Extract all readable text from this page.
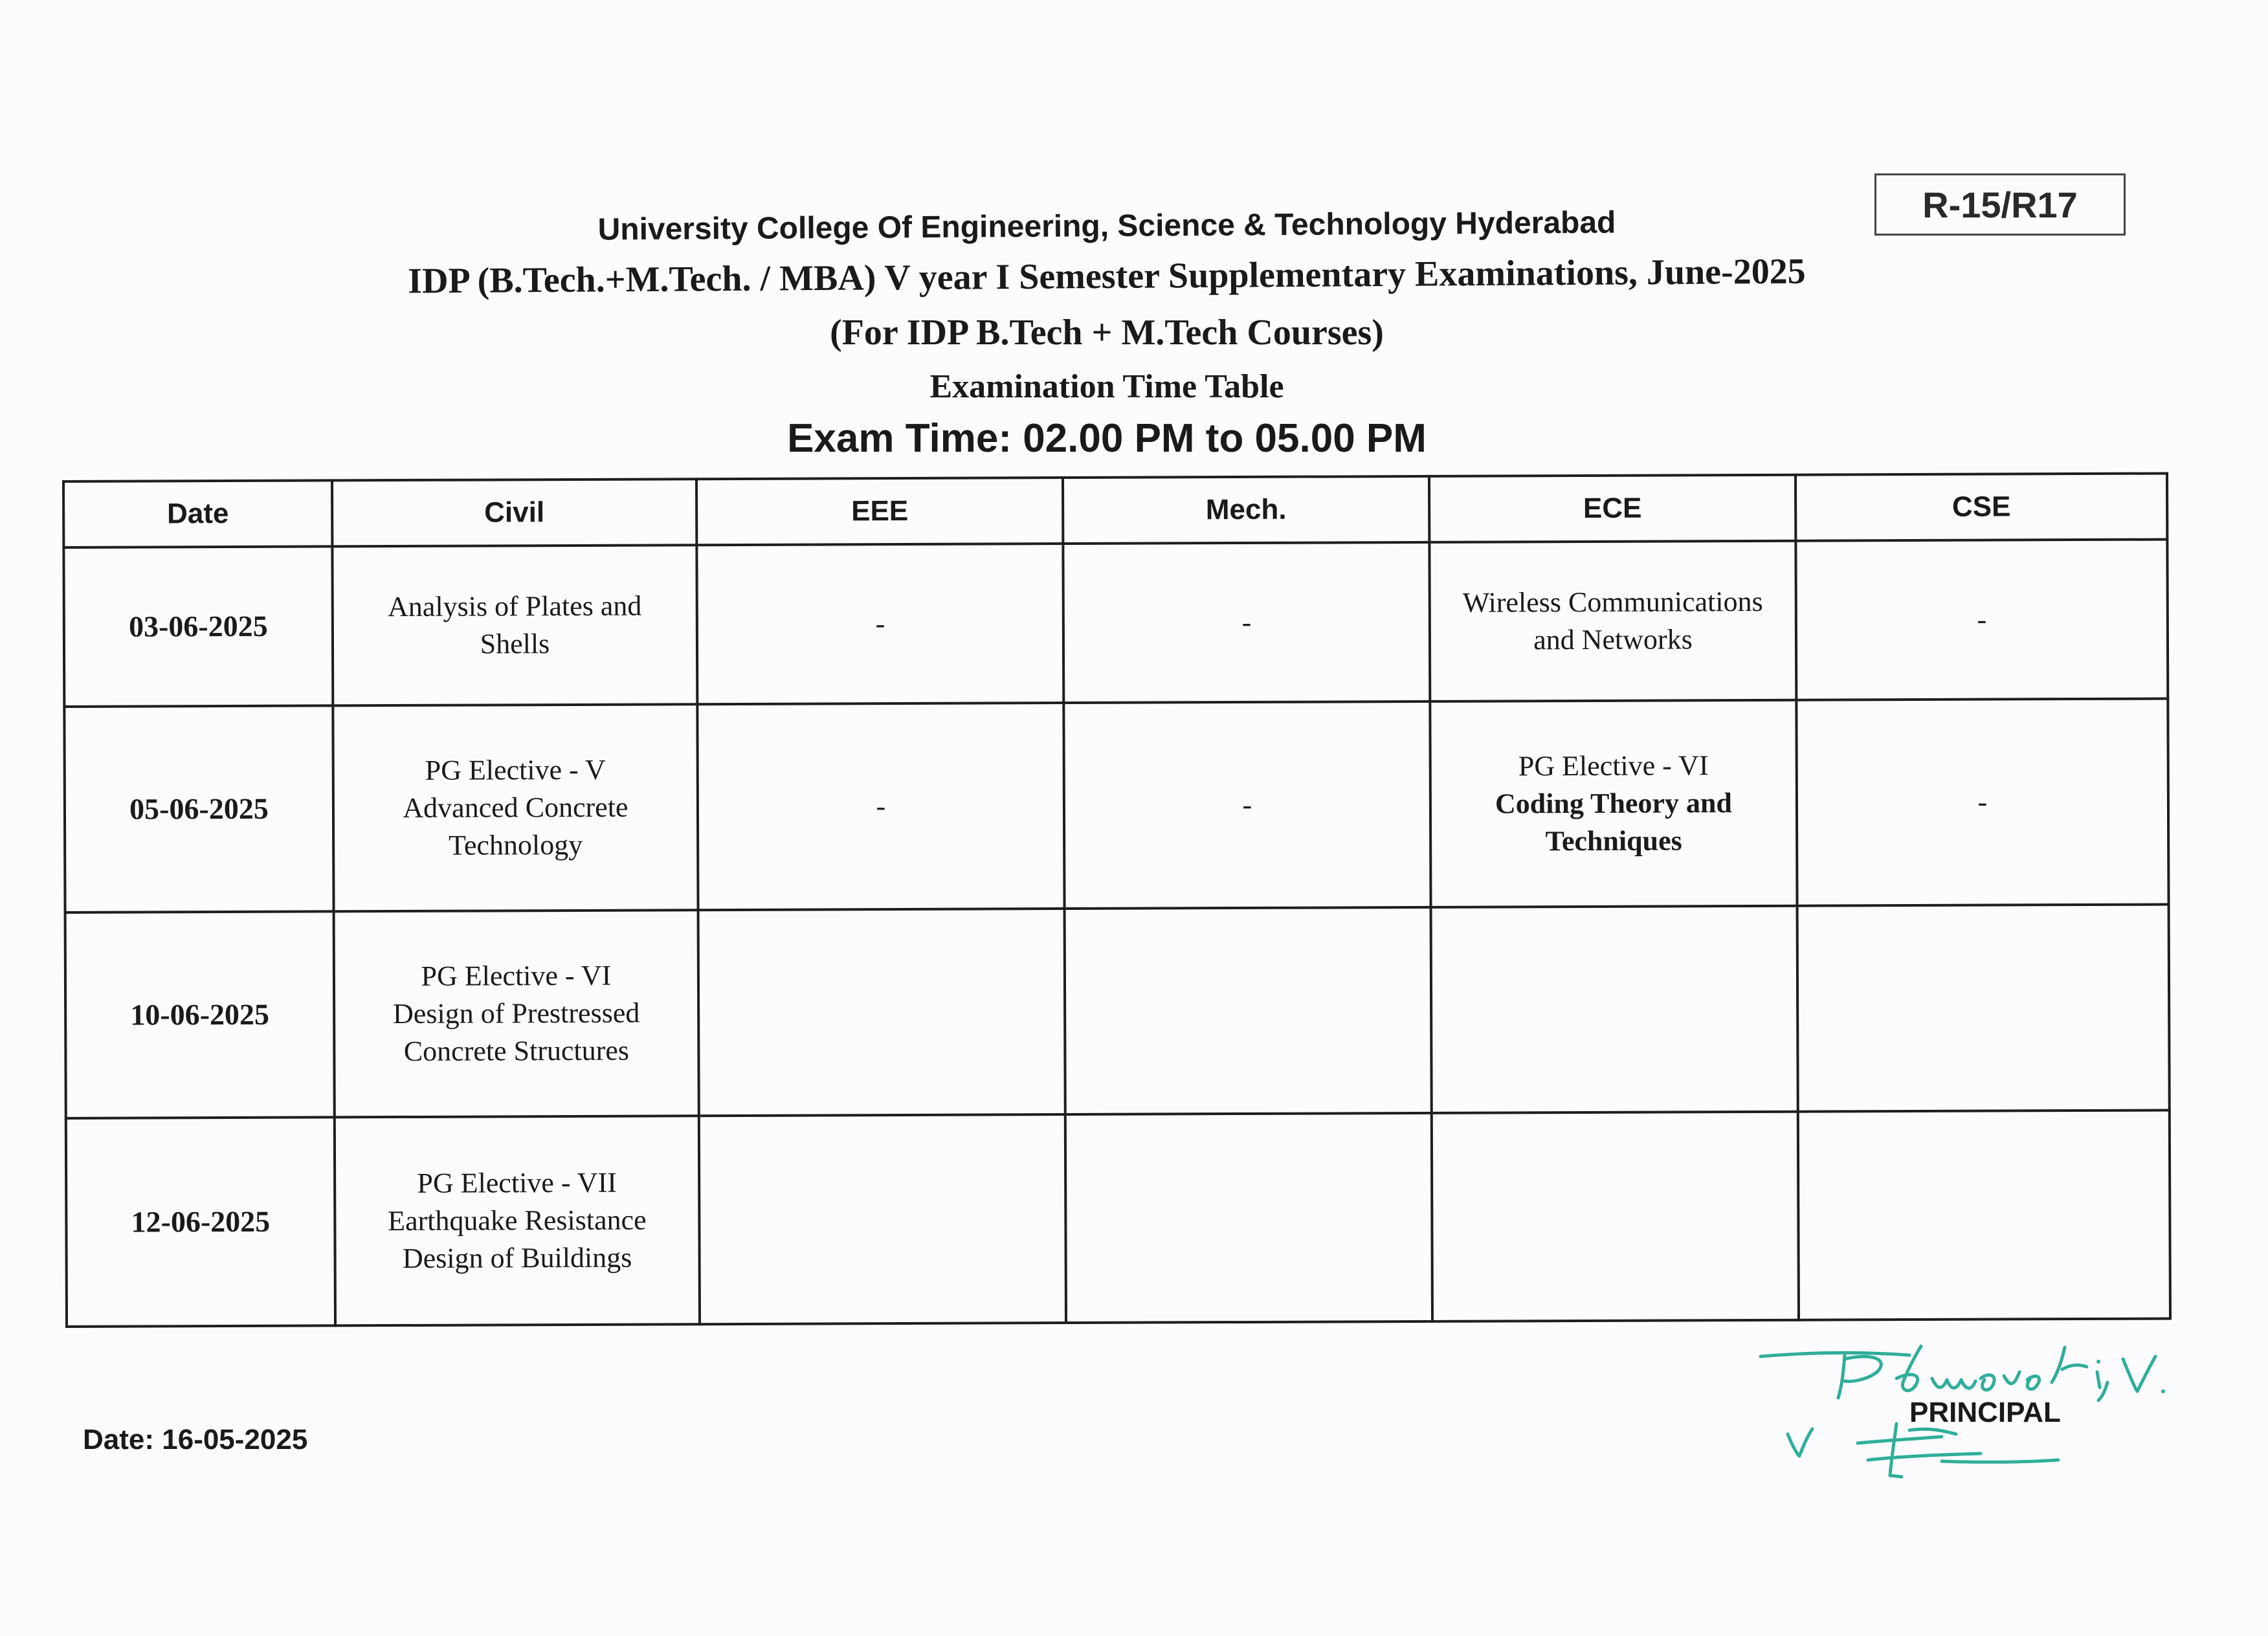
R-15/R17
University College Of Engineering, Science & Technology Hyderabad
IDP (B.Tech.+M.Tech. / MBA) V year I Semester Supplementary Examinations, June-2025
(For IDP B.Tech + M.Tech Courses)
Examination Time Table
Exam Time: 02.00 PM to 05.00 PM
Date	Civil	EEE	Mech.	ECE	CSE
03-06-2025	Analysis of Plates and
Shells	-	-	Wireless Communications
and Networks	-
05-06-2025	PG Elective - V
Advanced Concrete
Technology	-	-	PG Elective - VI
Coding Theory and
Techniques	-
10-06-2025	PG Elective - VI
Design of Prestressed
Concrete Structures				

12-06-2025	PG Elective - VII
Earthquake Resistance
Design of Buildings				

Date: 16-05-2025
PRINCIPAL
